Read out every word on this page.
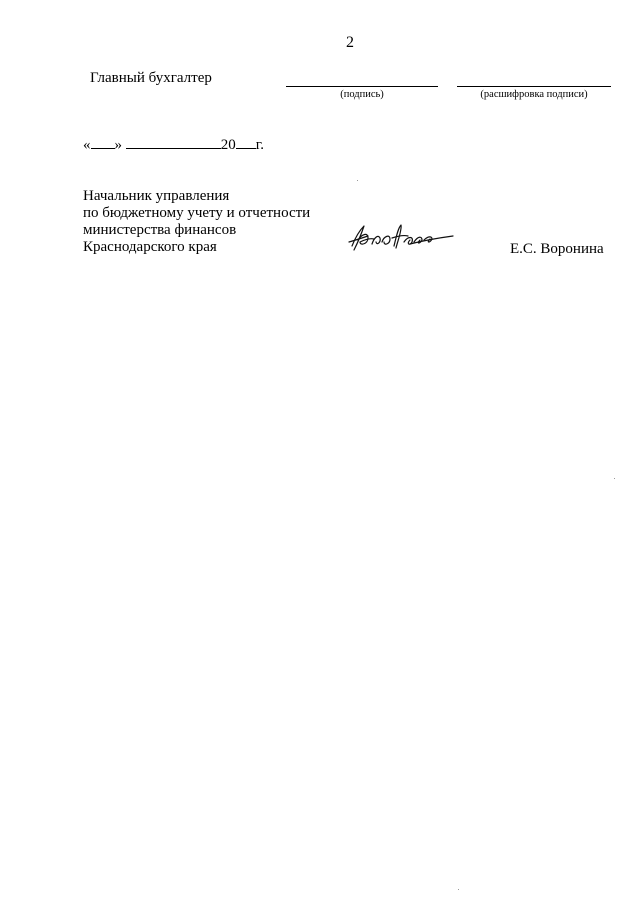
2
Главный бухгалтер
(подпись)	(расшифровка подписи)
« »	20 г.
Начальник управления
по бюджетному учету и отчетности
министерства финансов
Краснодарского края	Е.С. Воронина
